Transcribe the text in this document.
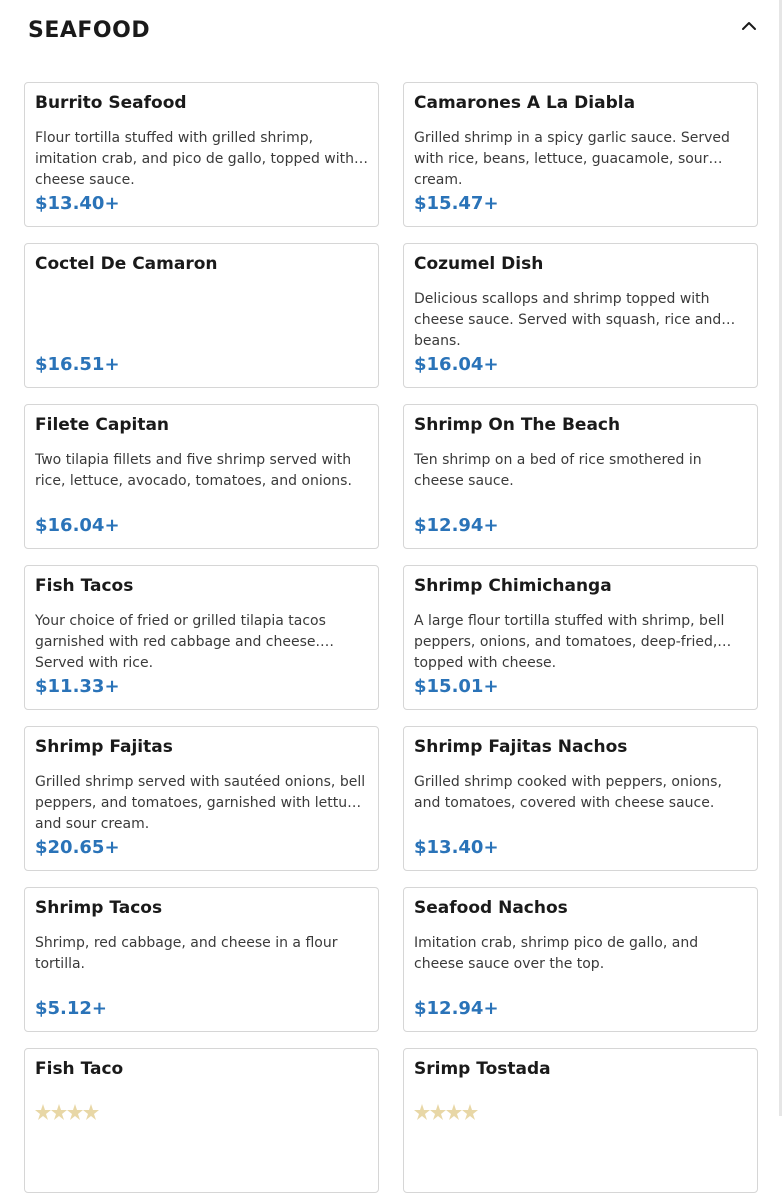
SEAFOOD
Burrito Seafood
Flour tortilla stuffed with grilled shrimp, imitation crab, and pico de gallo, topped with cheese sauce.
$13.40+
Camarones A La Diabla
Grilled shrimp in a spicy garlic sauce. Served with rice, beans, lettuce, guacamole, sour cream.
$15.47+
Coctel De Camaron
$16.51+
Cozumel Dish
Delicious scallops and shrimp topped with cheese sauce. Served with squash, rice and beans.
$16.04+
Filete Capitan
Two tilapia fillets and five shrimp served with rice, lettuce, avocado, tomatoes, and onions.
$16.04+
Shrimp On The Beach
Ten shrimp on a bed of rice smothered in cheese sauce.
$12.94+
Fish Tacos
Your choice of fried or grilled tilapia tacos garnished with red cabbage and cheese. Served with rice.
$11.33+
Shrimp Chimichanga
A large flour tortilla stuffed with shrimp, bell peppers, onions, and tomatoes, deep-fried, topped with cheese.
$15.01+
Shrimp Fajitas
Grilled shrimp served with sautéed onions, bell peppers, and tomatoes, garnished with lettuce and sour cream.
$20.65+
Shrimp Fajitas Nachos
Grilled shrimp cooked with peppers, onions, and tomatoes, covered with cheese sauce.
$13.40+
Shrimp Tacos
Shrimp, red cabbage, and cheese in a flour tortilla.
$5.12+
Seafood Nachos
Imitation crab, shrimp pico de gallo, and cheese sauce over the top.
$12.94+
Fish Taco	Srimp Tostada
